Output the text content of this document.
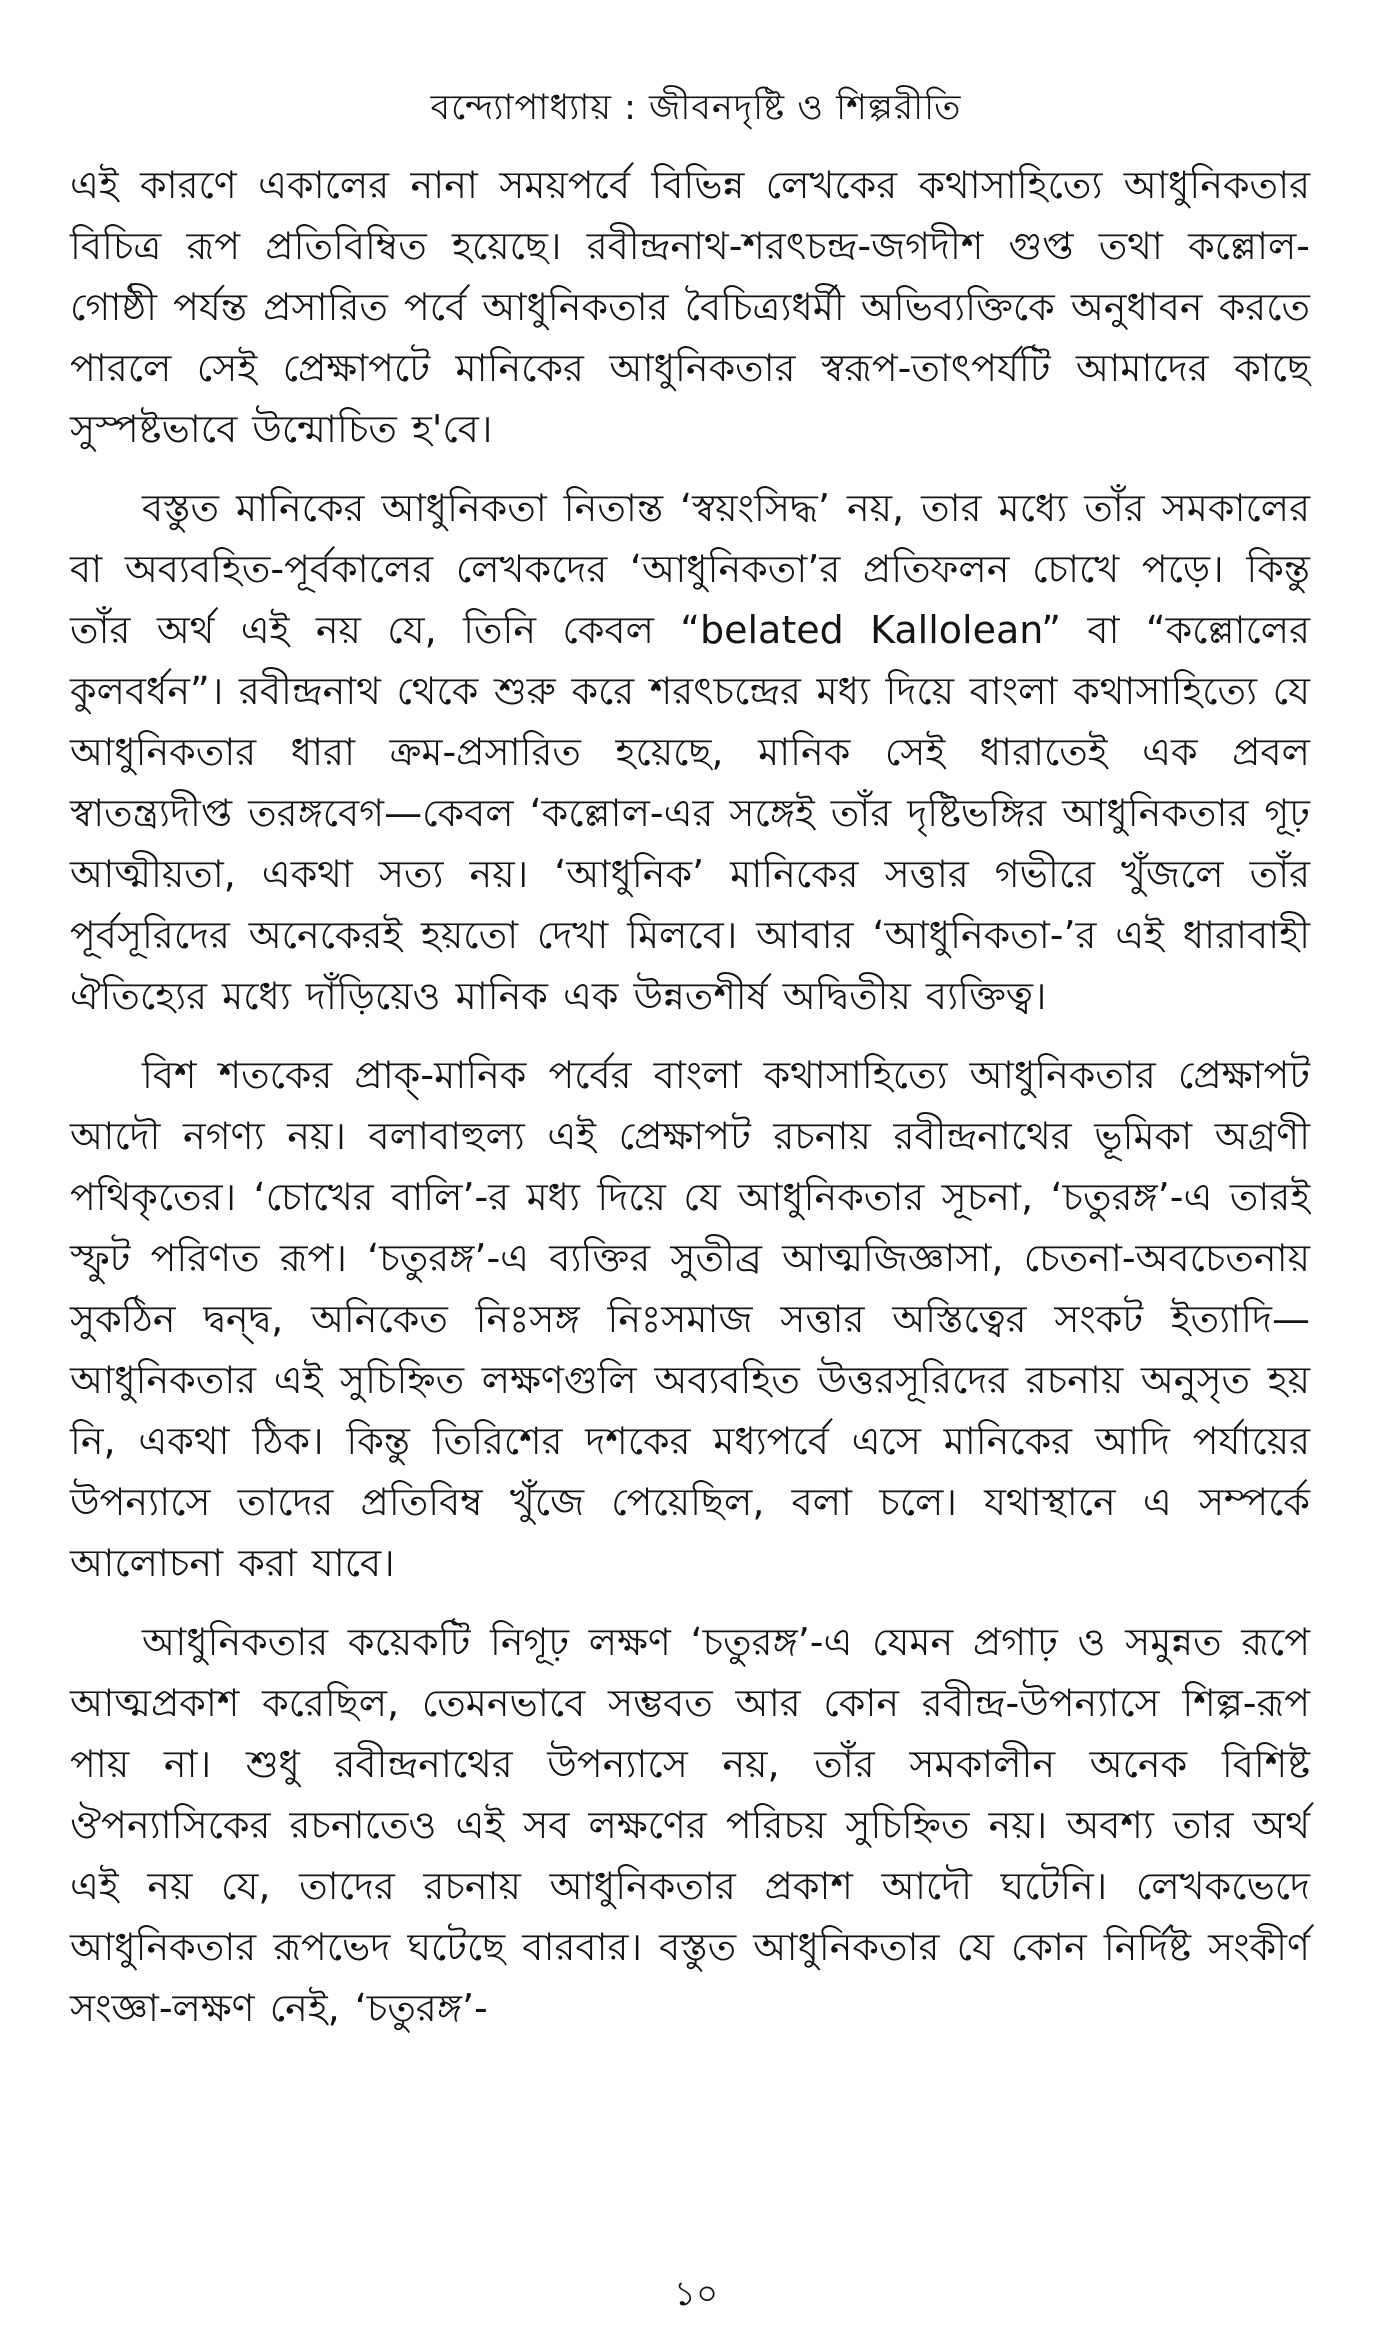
বন্দ্যোপাধ্যায় : জীবনদৃষ্টি ও শিল্পরীতি

এই কারণে একালের নানা সময়পর্বে বিভিন্ন লেখকের কথাসাহিত্যে আধুনিকতার বিচিত্র রূপ প্রতিবিম্বিত হয়েছে। রবীন্দ্রনাথ-শরৎচন্দ্র-জগদীশ গুপ্ত তথা কল্লোল-গোষ্ঠী পর্যন্ত প্রসারিত পর্বে আধুনিকতার বৈচিত্র্যধর্মী অভিব্যক্তিকে অনুধাবন করতে পারলে সেই প্রেক্ষাপটে মানিকের আধুনিকতার স্বরূপ-তাৎপর্যটি আমাদের কাছে সুস্পষ্টভাবে উন্মোচিত হ'বে।

বস্তুত মানিকের আধুনিকতা নিতান্ত ‘স্বয়ংসিদ্ধ’ নয়, তার মধ্যে তাঁর সমকালের বা অব্যবহিত-পূর্বকালের লেখকদের ‘আধুনিকতা’র প্রতিফলন চোখে পড়ে। কিন্তু তাঁর অর্থ এই নয় যে, তিনি কেবল “belated Kallolean” বা “কল্লোলের কুলবর্ধন”। রবীন্দ্রনাথ থেকে শুরু করে শরৎচন্দ্রের মধ্য দিয়ে বাংলা কথাসাহিত্যে যে আধুনিকতার ধারা ক্রম-প্রসারিত হয়েছে, মানিক সেই ধারাতেই এক প্রবল স্বাতন্ত্র্যদীপ্ত তরঙ্গবেগ—কেবল ‘কল্লোল-এর সঙ্গেই তাঁর দৃষ্টিভঙ্গির আধুনিকতার গূঢ় আত্মীয়তা, একথা সত্য নয়। ‘আধুনিক’ মানিকের সত্তার গভীরে খুঁজলে তাঁর পূর্বসূরিদের অনেকেরই হয়তো দেখা মিলবে। আবার ‘আধুনিকতা-’র এই ধারাবাহী ঐতিহ্যের মধ্যে দাঁড়িয়েও মানিক এক উন্নতশীর্ষ অদ্বিতীয় ব্যক্তিত্ব।

বিশ শতকের প্রাক্-মানিক পর্বের বাংলা কথাসাহিত্যে আধুনিকতার প্রেক্ষাপট আদৌ নগণ্য নয়। বলাবাহুল্য এই প্রেক্ষাপট রচনায় রবীন্দ্রনাথের ভূমিকা অগ্রণী পথিকৃতের। ‘চোখের বালি’-র মধ্য দিয়ে যে আধুনিকতার সূচনা, ‘চতুরঙ্গ’-এ তারই স্ফুট পরিণত রূপ। ‘চতুরঙ্গ’-এ ব্যক্তির সুতীব্র আত্মজিজ্ঞাসা, চেতনা-অবচেতনায় সুকঠিন দ্বন্দ্ব, অনিকেত নিঃসঙ্গ নিঃসমাজ সত্তার অস্তিত্বের সংকট ইত্যাদি—আধুনিকতার এই সুচিহ্নিত লক্ষণগুলি অব্যবহিত উত্তরসূরিদের রচনায় অনুসৃত হয় নি, একথা ঠিক। কিন্তু তিরিশের দশকের মধ্যপর্বে এসে মানিকের আদি পর্যায়ের উপন্যাসে তাদের প্রতিবিম্ব খুঁজে পেয়েছিল, বলা চলে। যথাস্থানে এ সম্পর্কে আলোচনা করা যাবে।

আধুনিকতার কয়েকটি নিগূঢ় লক্ষণ ‘চতুরঙ্গ’-এ যেমন প্রগাঢ় ও সমুন্নত রূপে আত্মপ্রকাশ করেছিল, তেমনভাবে সম্ভবত আর কোন রবীন্দ্র-উপন্যাসে শিল্প-রূপ পায় না। শুধু রবীন্দ্রনাথের উপন্যাসে নয়, তাঁর সমকালীন অনেক বিশিষ্ট ঔপন্যাসিকের রচনাতেও এই সব লক্ষণের পরিচয় সুচিহ্নিত নয়। অবশ্য তার অর্থ এই নয় যে, তাদের রচনায় আধুনিকতার প্রকাশ আদৌ ঘটেনি। লেখকভেদে আধুনিকতার রূপভেদ ঘটেছে বারবার। বস্তুত আধুনিকতার যে কোন নির্দিষ্ট সংকীর্ণ সংজ্ঞা-লক্ষণ নেই, ‘চতুরঙ্গ’-

১০
